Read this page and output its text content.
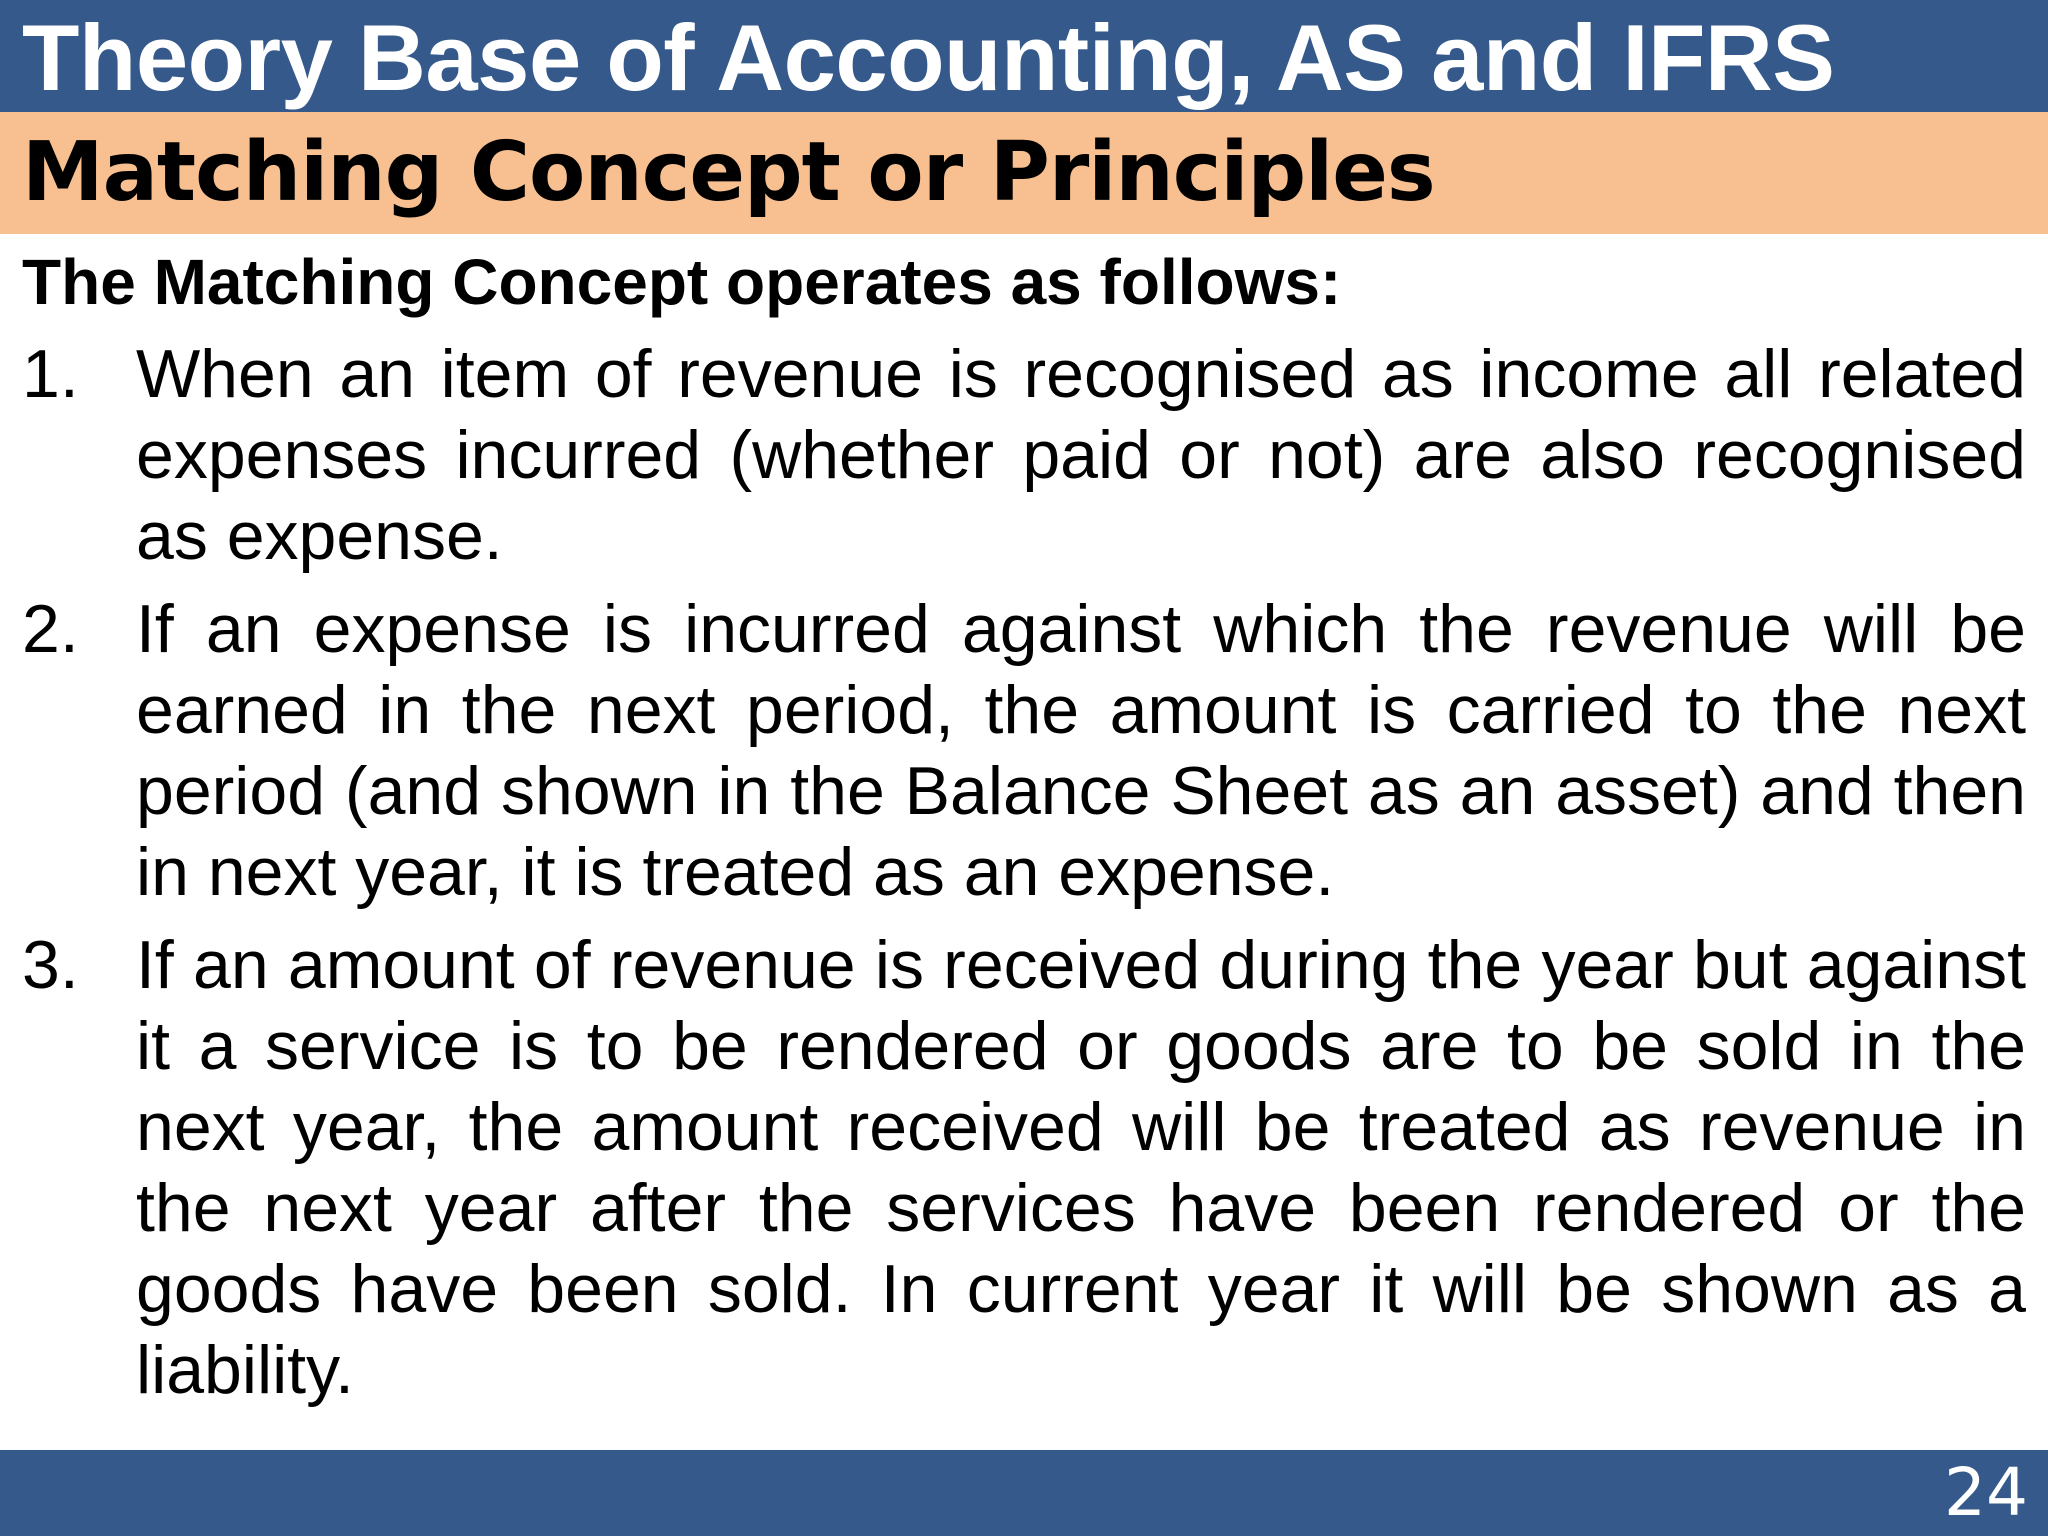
Theory Base of Accounting, AS and IFRS
Matching Concept or Principles

The Matching Concept operates as follows:

1. When an item of revenue is recognised as income all related expenses incurred (whether paid or not) are also recognised as expense.
2. If an expense is incurred against which the revenue will be earned in the next period, the amount is carried to the next period (and shown in the Balance Sheet as an asset) and then in next year, it is treated as an expense.
3. If an amount of revenue is received during the year but against it a service is to be rendered or goods are to be sold in the next year, the amount received will be treated as revenue in the next year after the services have been rendered or the goods have been sold. In current year it will be shown as a liability.
24
